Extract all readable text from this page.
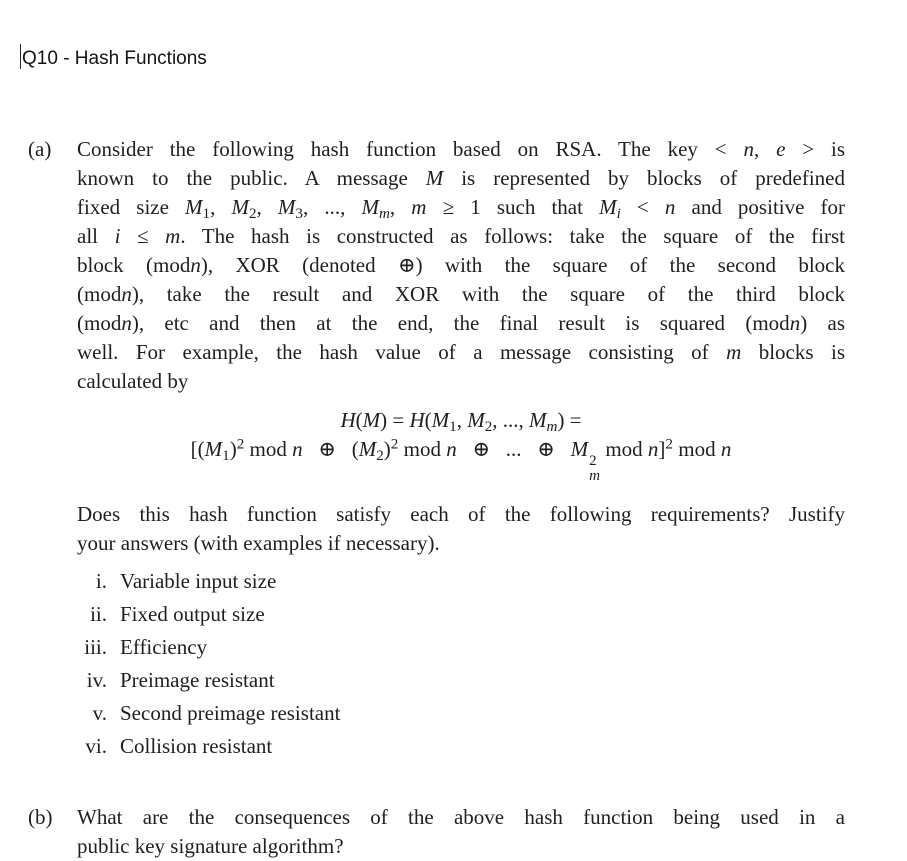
Q10 - Hash Functions
(a)	Consider the following hash function based on RSA. The key < n, e > is
known to the public. A message M is represented by blocks of predefined
fixed size $M_1$, $M_2$, $M_3$, ..., $M_m$, m ≥ 1 such that $M_i < n$ and positive for
all i ≤ m. The hash is constructed as follows: take the square of the first
block (modn), XOR (denoted ⊕) with the square of the second block
(modn), take the result and XOR with the square of the third block
(modn), etc and then at the end, the final result is squared (modn) as
well. For example, the hash value of a message consisting of m blocks is
calculated by
$H(M) = H(M_1$, $M_2$, ..., $M_m$) =
[$(M_1)^2$ mod n  ⊕  $(M_2)^2$ mod n  ⊕  ...  ⊕  M
2
m
mod n]$^2$ mod n
Does this hash function satisfy each of the following requirements? Justify
your answers (with examples if necessary).
i. Variable input size
ii. Fixed output size
iii. Efficiency
iv. Preimage resistant
v. Second preimage resistant
vi. Collision resistant
(b)	What are the consequences of the above hash function being used in a
public key signature algorithm?
